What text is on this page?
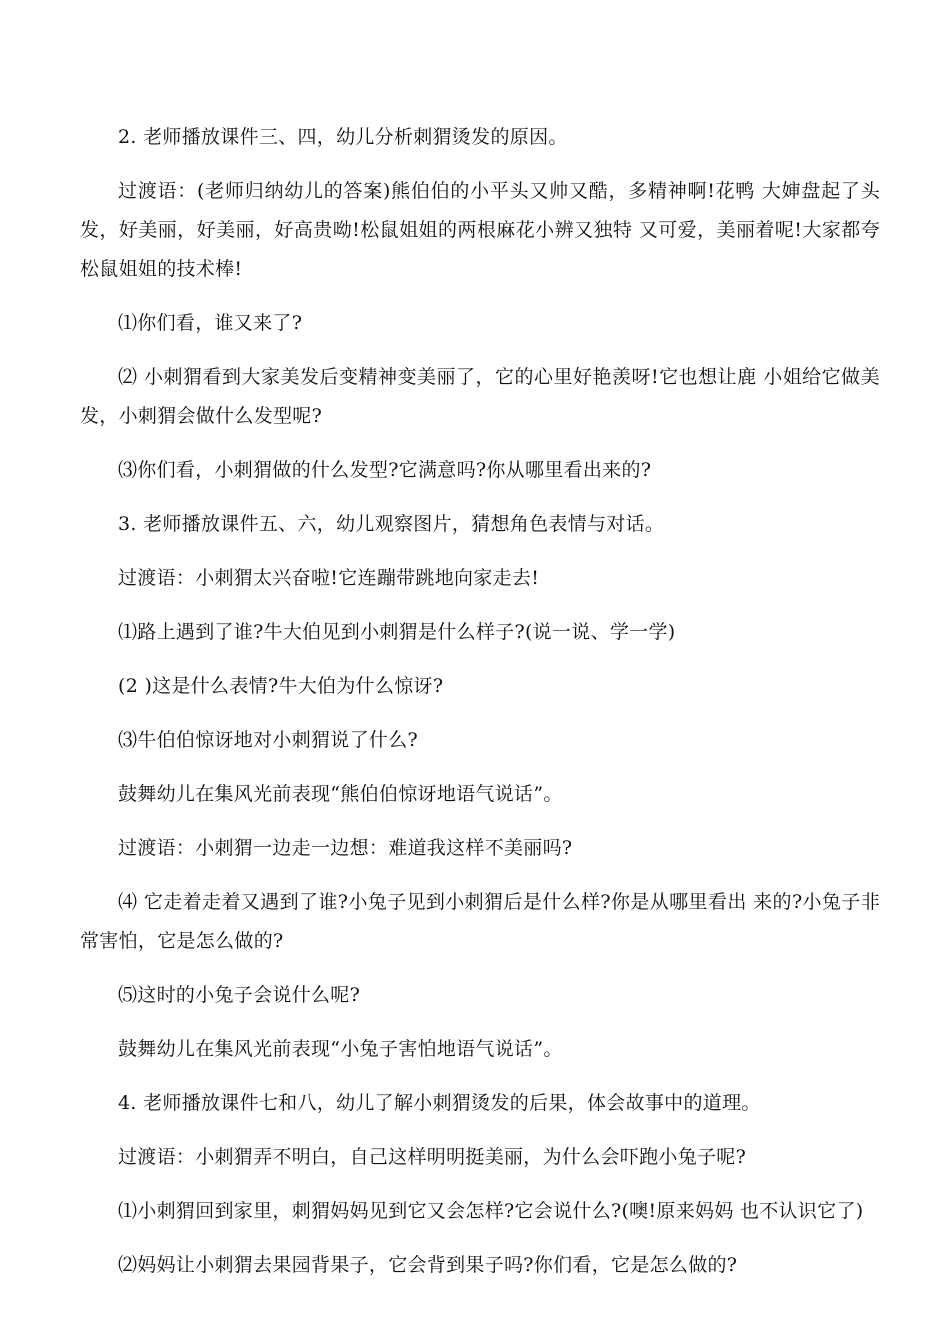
2. 老师播放课件三、四，幼儿分析刺猬烫发的原因。

过渡语：(老师归纳幼儿的答案)熊伯伯的小平头又帅又酷，多精神啊!花鸭 大婶盘起了头发，好美丽，好美丽，好高贵呦!松鼠姐姐的两根麻花小辨又独特 又可爱，美丽着呢!大家都夸松鼠姐姐的技术棒!

⑴你们看，谁又来了?

⑵ 小刺猬看到大家美发后变精神变美丽了，它的心里好艳羡呀!它也想让鹿 小姐给它做美发，小刺猬会做什么发型呢?

⑶你们看，小刺猬做的什么发型?它满意吗?你从哪里看出来的?

3. 老师播放课件五、六，幼儿观察图片，猜想角色表情与对话。

过渡语：小刺猬太兴奋啦!它连蹦带跳地向家走去!

⑴路上遇到了谁?牛大伯见到小刺猬是什么样子?(说一说、学一学)

(2 )这是什么表情?牛大伯为什么惊讶?

⑶牛伯伯惊讶地对小刺猬说了什么?

鼓舞幼儿在集风光前表现“熊伯伯惊讶地语气说话”。

过渡语：小刺猬一边走一边想：难道我这样不美丽吗?

⑷ 它走着走着又遇到了谁?小兔子见到小刺猬后是什么样?你是从哪里看出 来的?小兔子非常害怕，它是怎么做的?

⑸这时的小兔子会说什么呢?

鼓舞幼儿在集风光前表现“小兔子害怕地语气说话”。

4. 老师播放课件七和八，幼儿了解小刺猬烫发的后果，体会故事中的道理。

过渡语：小刺猬弄不明白，自己这样明明挺美丽，为什么会吓跑小兔子呢?

⑴小刺猬回到家里，刺猬妈妈见到它又会怎样?它会说什么?(噢!原来妈妈 也不认识它了)

⑵妈妈让小刺猬去果园背果子，它会背到果子吗?你们看，它是怎么做的?
